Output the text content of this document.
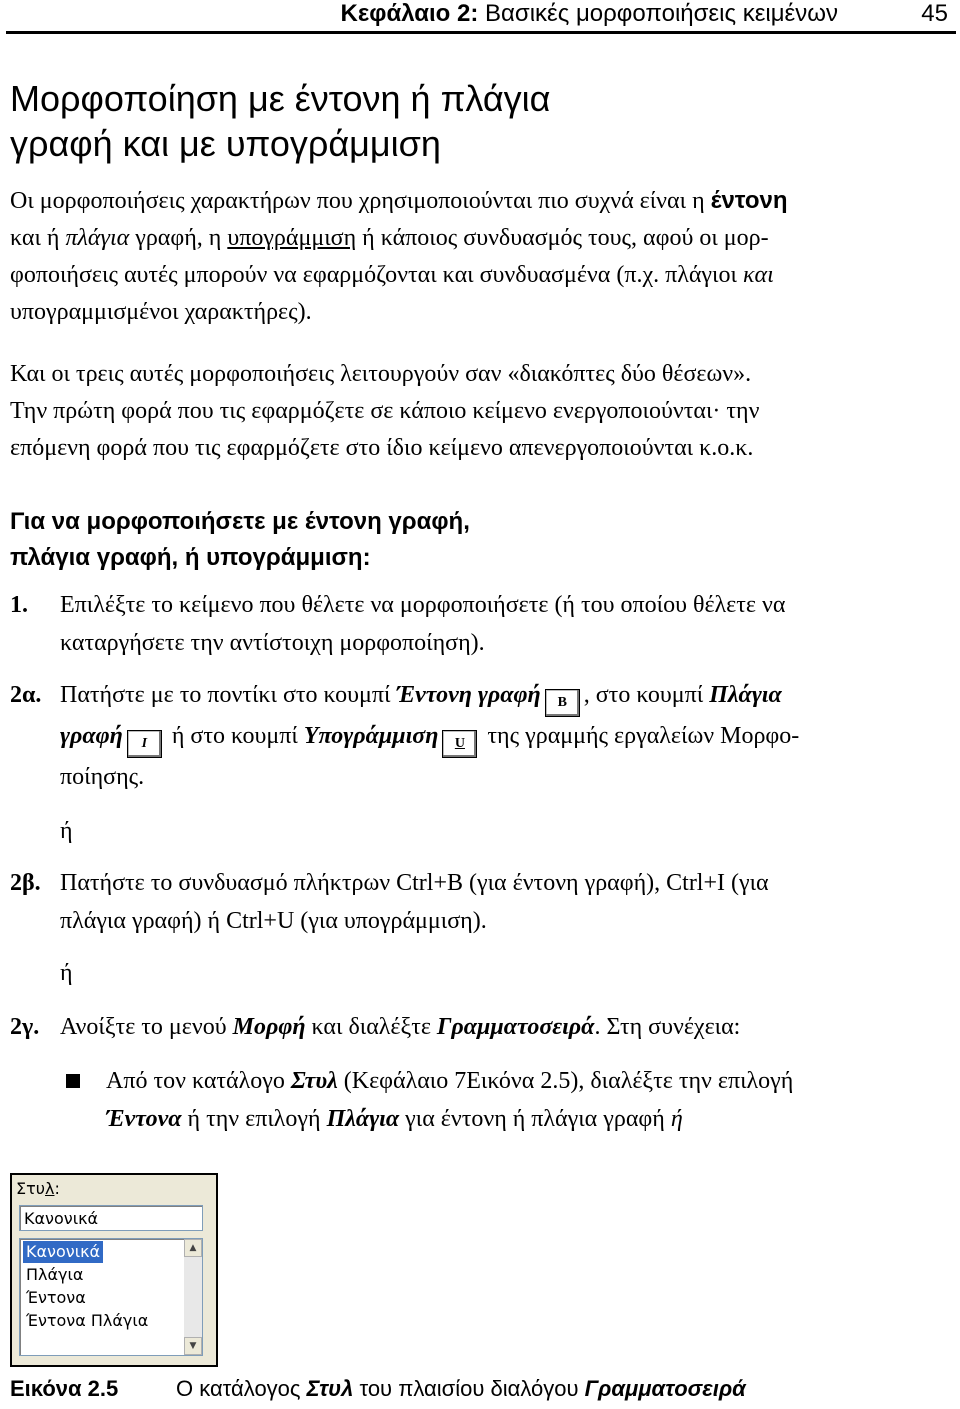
Κεφάλαιο 2: Βασικές μορφοποιήσεις κειμένων	45
Μορφοποίηση με έντονη ή πλάγια
γραφή και με υπογράμμιση
Οι μορφοποιήσεις χαρακτήρων που χρησιμοποιούνται πιο συχνά είναι η έντονη
και ή πλάγια γραφή, η υπογράμμιση ή κάποιος συνδυασμός τους, αφού οι μορ-
φοποιήσεις αυτές μπορούν να εφαρμόζονται και συνδυασμένα (π.χ. πλάγιοι και
υπογραμμισμένοι χαρακτήρες).
Και οι τρεις αυτές μορφοποιήσεις λειτουργούν σαν «διακόπτες δύο θέσεων».
Την πρώτη φορά που τις εφαρμόζετε σε κάποιο κείμενο ενεργοποιούνται· την
επόμενη φορά που τις εφαρμόζετε στο ίδιο κείμενο απενεργοποιούνται κ.ο.κ.
Για να μορφοποιήσετε με έντονη γραφή,
πλάγια γραφή, ή υπογράμμιση:
1. Επιλέξτε το κείμενο που θέλετε να μορφοποιήσετε (ή του οποίου θέλετε να
καταργήσετε την αντίστοιχη μορφοποίηση).
2α. Πατήστε με το ποντίκι στο κουμπί Έντονη γραφή B , στο κουμπί Πλάγια
γραφή I ή στο κουμπί Υπογράμμιση U της γραμμής εργαλείων Μορφο-
ποίησης.
ή
2β. Πατήστε το συνδυασμό πλήκτρων Ctrl+B (για έντονη γραφή), Ctrl+I (για
πλάγια γραφή) ή Ctrl+U (για υπογράμμιση).
ή
2γ. Ανοίξτε το μενού Μορφή και διαλέξτε Γραμματοσειρά. Στη συνέχεια:
Από τον κατάλογο Στυλ (Κεφάλαιο 7Εικόνα 2.5), διαλέξτε την επιλογή
Έντονα ή την επιλογή Πλάγια για έντονη ή πλάγια γραφή ή
Στυλ:
Κανονικά
Κανονικά
Πλάγια
Έντονα
Έντονα Πλάγια
▲
▼
Εικόνα 2.5	Ο κατάλογος Στυλ του πλαισίου διαλόγου Γραμματοσειρά
